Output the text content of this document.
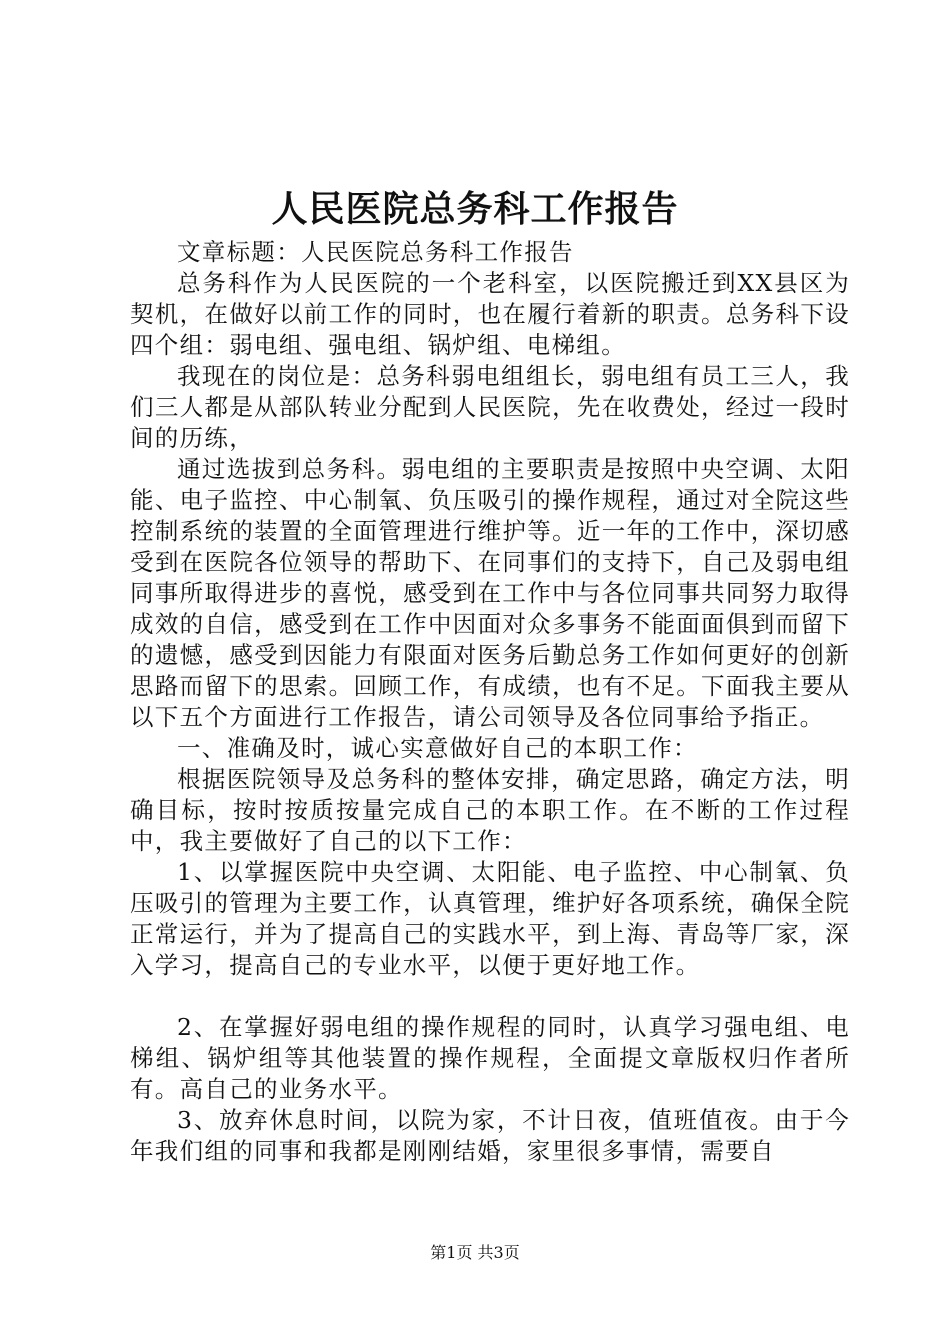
人民医院总务科工作报告

文章标题：人民医院总务科工作报告

总务科作为人民医院的一个老科室，以医院搬迁到XX县区为契机，在做好以前工作的同时，也在履行着新的职责。总务科下设四个组：弱电组、强电组、锅炉组、电梯组。

我现在的岗位是：总务科弱电组组长，弱电组有员工三人，我们三人都是从部队转业分配到人民医院，先在收费处，经过一段时间的历练，

通过选拔到总务科。弱电组的主要职责是按照中央空调、太阳能、电子监控、中心制氧、负压吸引的操作规程，通过对全院这些控制系统的装置的全面管理进行维护等。近一年的工作中，深切感受到在医院各位领导的帮助下、在同事们的支持下，自己及弱电组同事所取得进步的喜悦，感受到在工作中与各位同事共同努力取得成效的自信，感受到在工作中因面对众多事务不能面面俱到而留下的遗憾，感受到因能力有限面对医务后勤总务工作如何更好的创新思路而留下的思索。回顾工作，有成绩，也有不足。下面我主要从以下五个方面进行工作报告，请公司领导及各位同事给予指正。

一、准确及时，诚心实意做好自己的本职工作：

根据医院领导及总务科的整体安排，确定思路，确定方法，明确目标，按时按质按量完成自己的本职工作。在不断的工作过程中，我主要做好了自己的以下工作：

1、以掌握医院中央空调、太阳能、电子监控、中心制氧、负压吸引的管理为主要工作，认真管理，维护好各项系统，确保全院正常运行，并为了提高自己的实践水平，到上海、青岛等厂家，深入学习，提高自己的专业水平，以便于更好地工作。

2、在掌握好弱电组的操作规程的同时，认真学习强电组、电梯组、锅炉组等其他装置的操作规程，全面提文章版权归作者所有。高自己的业务水平。

3、放弃休息时间，以院为家，不计日夜，值班值夜。由于今年我们组的同事和我都是刚刚结婚，家里很多事情，需要自

第1页 共3页
